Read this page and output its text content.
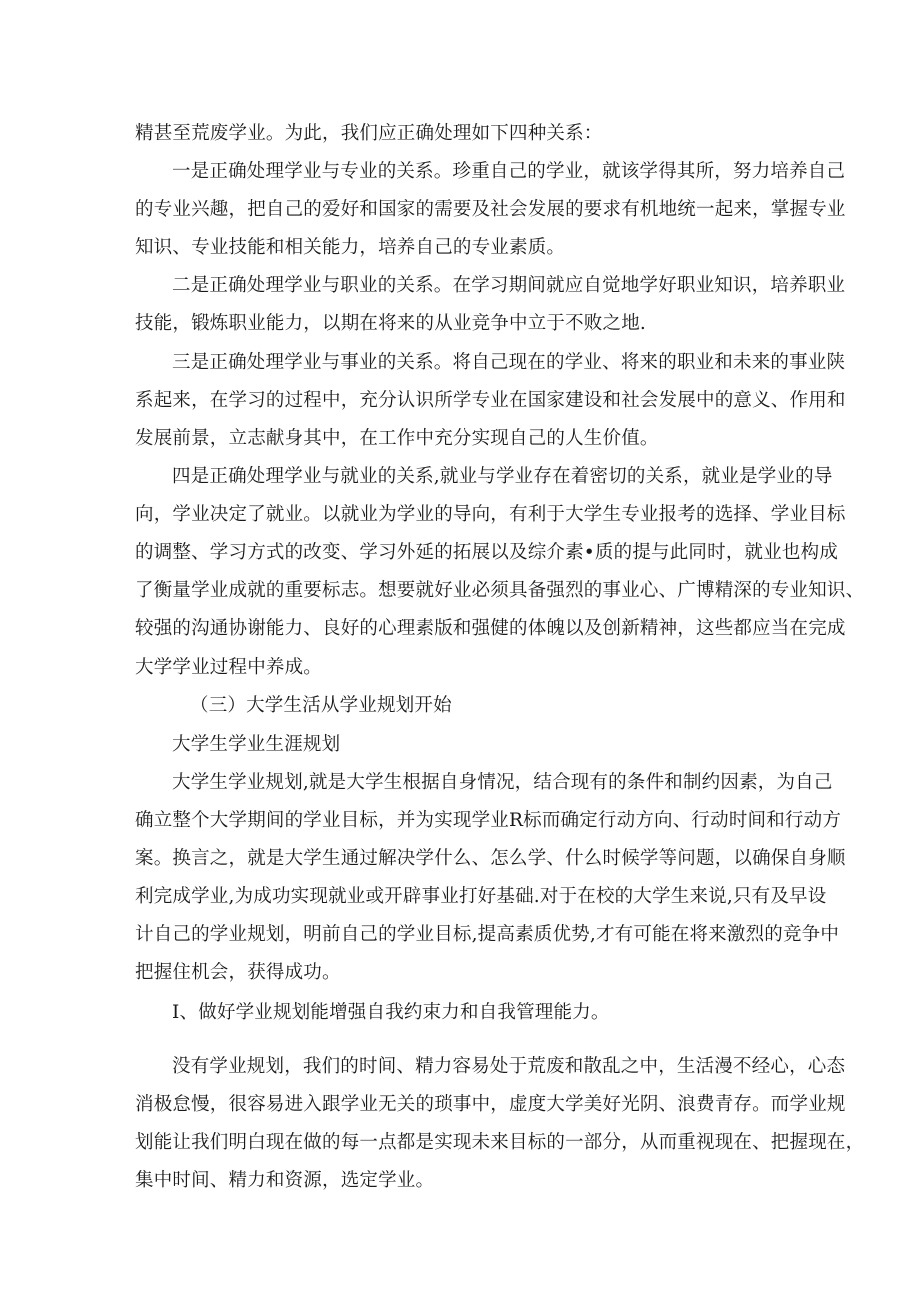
精甚至荒废学业。为此，我们应正确处理如下四种关系：
一是正确处理学业与专业的关系。珍重自己的学业，就该学得其所，努力培养自己
的专业兴趣，把自己的爱好和国家的需要及社会发展的要求有机地统一起来，掌握专业
知识、专业技能和相关能力，培养自己的专业素质。
二是正确处理学业与职业的关系。在学习期间就应自觉地学好职业知识，培养职业
技能，锻炼职业能力，以期在将来的从业竞争中立于不败之地.
三是正确处理学业与事业的关系。将自己现在的学业、将来的职业和未来的事业陕
系起来，在学习的过程中，充分认识所学专业在国家建设和社会发展中的意义、作用和
发展前景，立志献身其中，在工作中充分实现自己的人生价值。
四是正确处理学业与就业的关系,就业与学业存在着密切的关系，就业是学业的导
向，学业决定了就业。以就业为学业的导向，有利于大学生专业报考的选择、学业目标
的调整、学习方式的改变、学习外延的拓展以及综介素•质的提与此同时，就业也构成
了衡量学业成就的重要标志。想要就好业必须具备强烈的事业心、广博精深的专业知识、
较强的沟通协谢能力、良好的心理素版和强健的体魄以及创新精神，这些都应当在完成
大学学业过程中养成。
（三）大学生活从学业规划开始
大学生学业生涯规划
大学生学业规划,就是大学生根据自身情况，结合现有的条件和制约因素，为自己
确立整个大学期间的学业目标，并为实现学业R标而确定行动方向、行动时间和行动方
案。换言之，就是大学生通过解决学什么、怎么学、什么时候学等问题，以确保自身顺
利完成学业,为成功实现就业或开辟事业打好基础.对于在校的大学生来说,只有及早设
计自己的学业规划，明前自己的学业目标,提高素质优势,才有可能在将来激烈的竞争中
把握住机会，获得成功。
I、做好学业规划能增强自我约束力和自我管理能力。
没有学业规划，我们的时间、精力容易处于荒废和散乱之中，生活漫不经心，心态
消极怠慢，很容易进入跟学业无关的琐事中，虚度大学美好光阴、浪费青存。而学业规
划能让我们明白现在做的每一点都是实现未来目标的一部分，从而重视现在、把握现在，
集中时间、精力和资源，选定学业。
